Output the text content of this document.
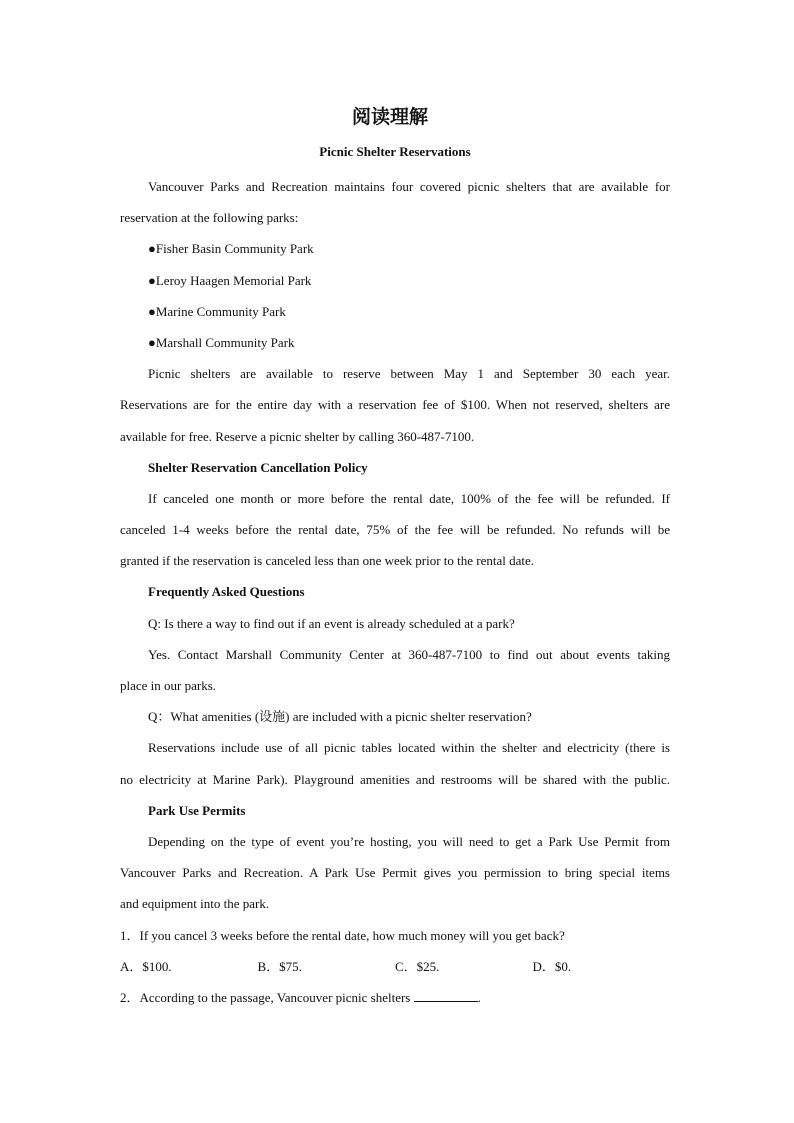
阅读理解
Picnic Shelter Reservations
Vancouver Parks and Recreation maintains four covered picnic shelters that are available for
reservation at the following parks:
●Fisher Basin Community Park
●Leroy Haagen Memorial Park
●Marine Community Park
●Marshall Community Park
Picnic shelters are available to reserve between May 1 and September 30 each year.
Reservations are for the entire day with a reservation fee of $100. When not reserved, shelters are
available for free. Reserve a picnic shelter by calling 360-487-7100.
Shelter Reservation Cancellation Policy
If canceled one month or more before the rental date, 100% of the fee will be refunded. If
canceled 1-4 weeks before the rental date, 75% of the fee will be refunded. No refunds will be
granted if the reservation is canceled less than one week prior to the rental date.
Frequently Asked Questions
Q: Is there a way to find out if an event is already scheduled at a park?
Yes. Contact Marshall Community Center at 360-487-7100 to find out about events taking
place in our parks.
Q：What amenities (设施) are included with a picnic shelter reservation?
Reservations include use of all picnic tables located within the shelter and electricity (there is
no electricity at Marine Park). Playground amenities and restrooms will be shared with the public.
Park Use Permits
Depending on the type of event you’re hosting, you will need to get a Park Use Permit from
Vancouver Parks and Recreation. A Park Use Permit gives you permission to bring special items
and equipment into the park.
1．If you cancel 3 weeks before the rental date, how much money will you get back?
A．$100.	B．$75.	C．$25.	D．$0.
2．According to the passage, Vancouver picnic shelters	.
